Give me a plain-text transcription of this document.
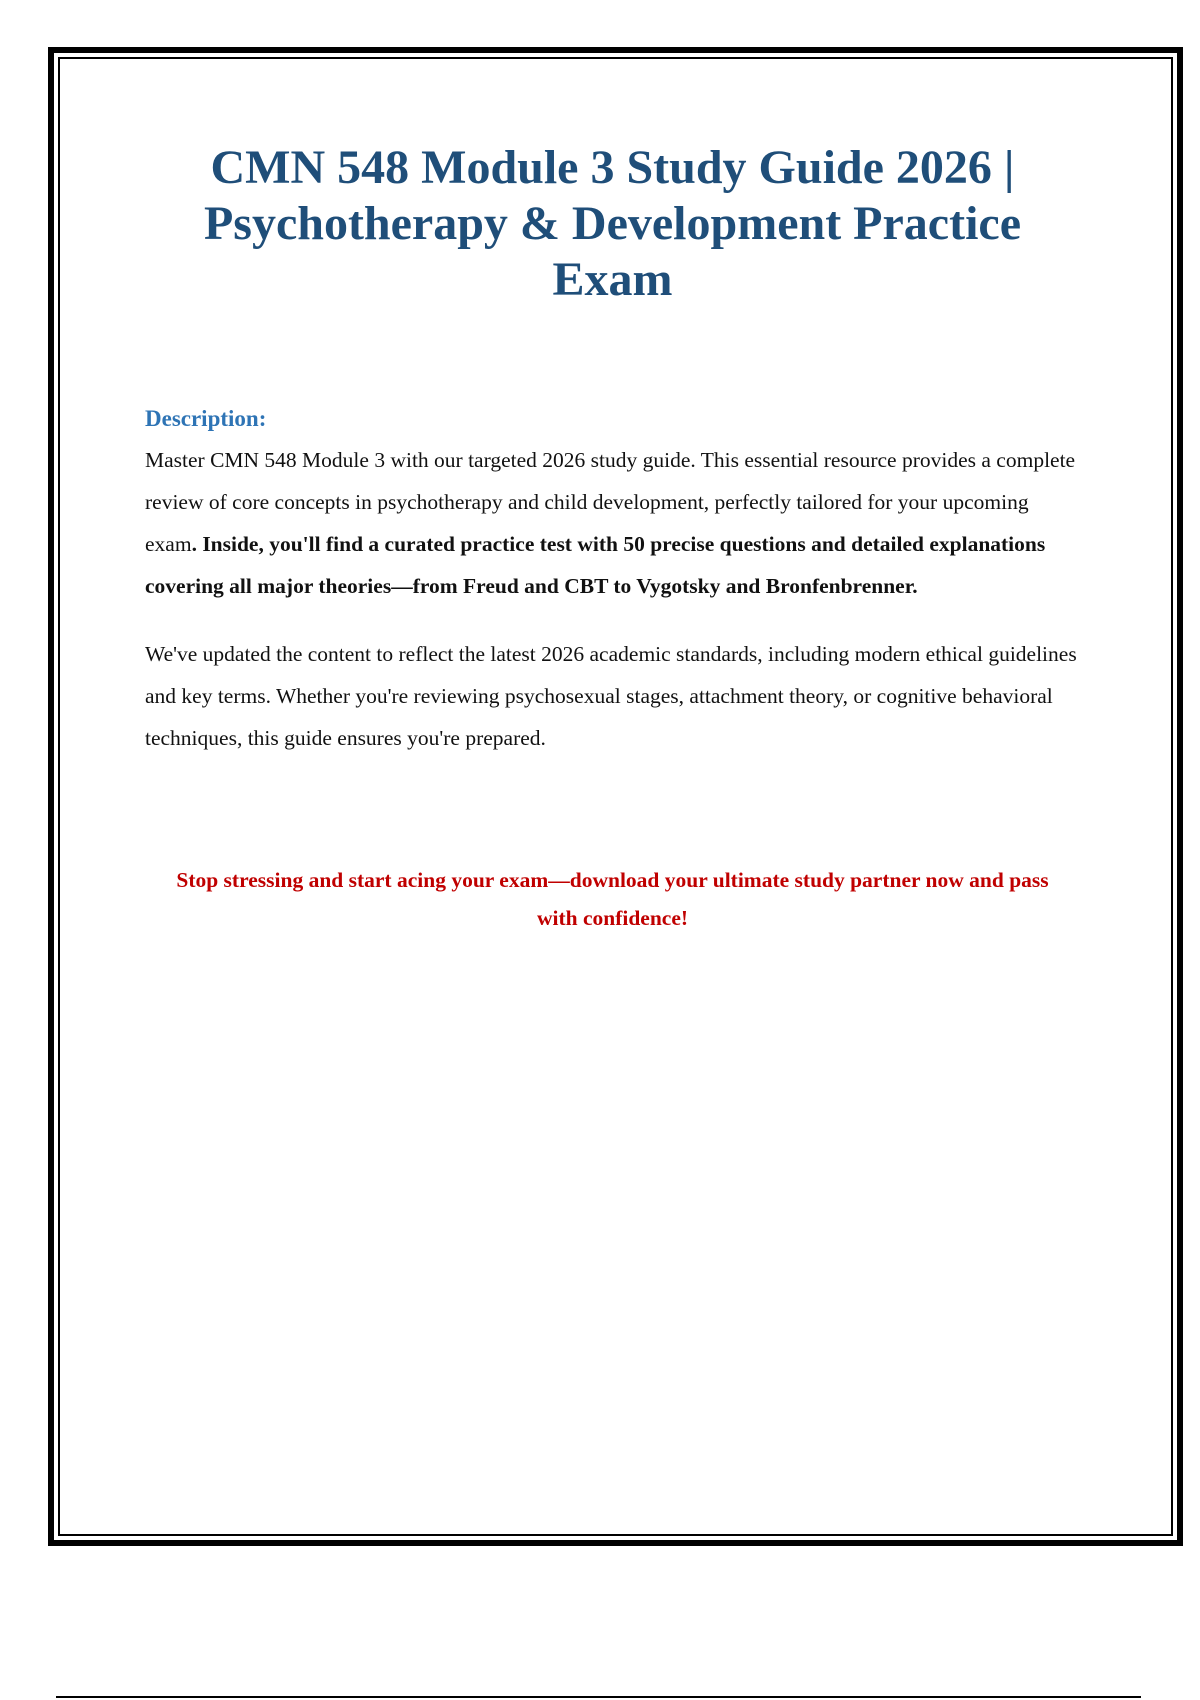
CMN 548 Module 3 Study Guide 2026 | Psychotherapy & Development Practice Exam

Description:

Master CMN 548 Module 3 with our targeted 2026 study guide. This essential resource provides a complete review of core concepts in psychotherapy and child development, perfectly tailored for your upcoming exam. Inside, you'll find a curated practice test with 50 precise questions and detailed explanations covering all major theories—from Freud and CBT to Vygotsky and Bronfenbrenner.

We've updated the content to reflect the latest 2026 academic standards, including modern ethical guidelines and key terms. Whether you're reviewing psychosexual stages, attachment theory, or cognitive behavioral techniques, this guide ensures you're prepared.

Stop stressing and start acing your exam—download your ultimate study partner now and pass with confidence!
